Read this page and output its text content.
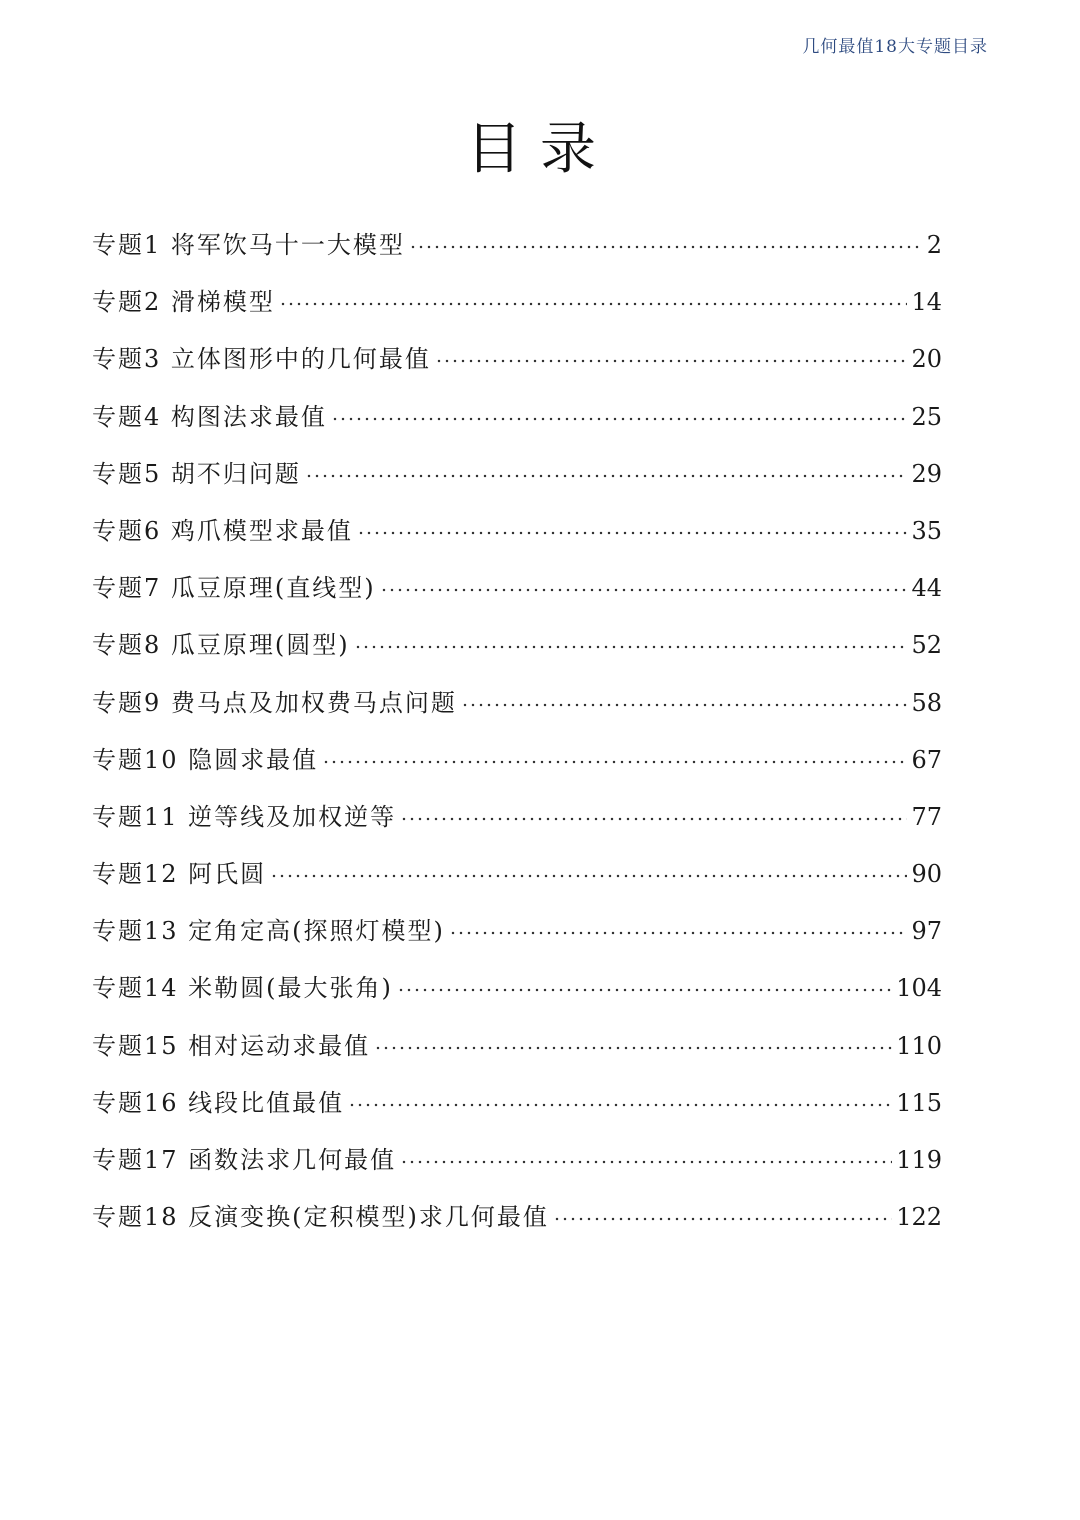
几何最值18大专题目录
目录
专题1 将军饮马十一大模型	2
专题2 滑梯模型	14
专题3 立体图形中的几何最值	20
专题4 构图法求最值	25
专题5 胡不归问题	29
专题6 鸡爪模型求最值	35
专题7 瓜豆原理(直线型)	44
专题8 瓜豆原理(圆型)	52
专题9 费马点及加权费马点问题	58
专题10 隐圆求最值	67
专题11 逆等线及加权逆等	77
专题12 阿氏圆	90
专题13 定角定高(探照灯模型)	97
专题14 米勒圆(最大张角)	104
专题15 相对运动求最值	110
专题16 线段比值最值	115
专题17 函数法求几何最值	119
专题18 反演变换(定积模型)求几何最值	122
